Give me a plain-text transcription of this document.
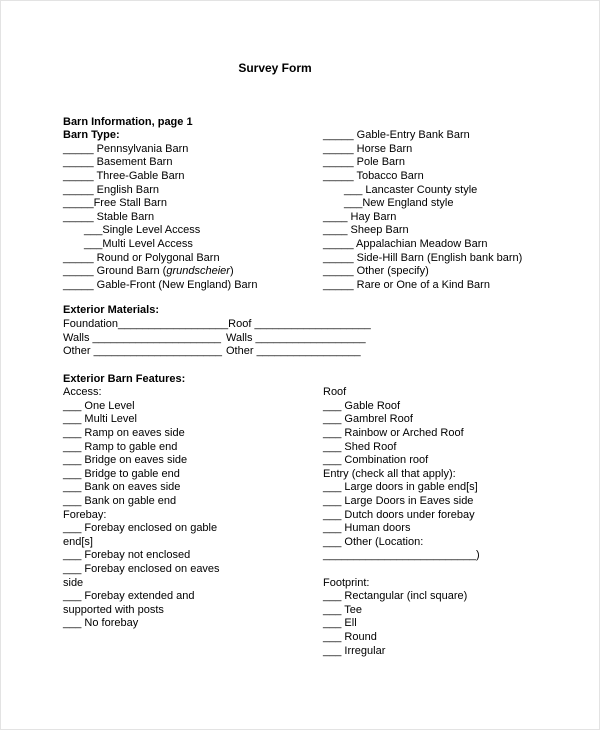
Survey Form
Barn Information, page 1
Barn Type:
_____ Pennsylvania Barn
_____ Basement Barn
_____ Three-Gable Barn
_____ English Barn
_____Free Stall Barn
_____ Stable Barn
___Single Level Access
___Multi Level Access
_____ Round or Polygonal Barn
_____ Ground Barn (grundscheier)
_____ Gable-Front (New England) Barn
_____ Gable-Entry Bank Barn
_____ Horse Barn
_____ Pole Barn
_____ Tobacco Barn
___ Lancaster County style
___New England style
____ Hay Barn
____ Sheep Barn
_____ Appalachian Meadow Barn
_____ Side-Hill Barn (English bank barn)
_____ Other (specify)
_____ Rare or One of a Kind Barn
Exterior Materials:
Foundation__________________ Roof ___________________
Walls _____________________ Walls __________________
Other _____________________ Other _________________
Exterior Barn Features:
Access:
___ One Level
___ Multi Level
___ Ramp on eaves side
___ Ramp to gable end
___ Bridge on eaves side
___ Bridge to gable end
___ Bank on eaves side
___ Bank on gable end
Forebay:
___ Forebay enclosed on gable
end[s]
___ Forebay not enclosed
___ Forebay enclosed on eaves
side
___ Forebay extended and
supported with posts
___ No forebay
Roof
___ Gable Roof
___ Gambrel Roof
___ Rainbow or Arched Roof
___ Shed Roof
___ Combination roof
Entry (check all that apply):
___ Large doors in gable end[s]
___ Large Doors in Eaves side
___ Dutch doors under forebay
___ Human doors
___ Other (Location:
_________________________)
Footprint:
___ Rectangular (incl square)
___ Tee
___ Ell
___ Round
___ Irregular
